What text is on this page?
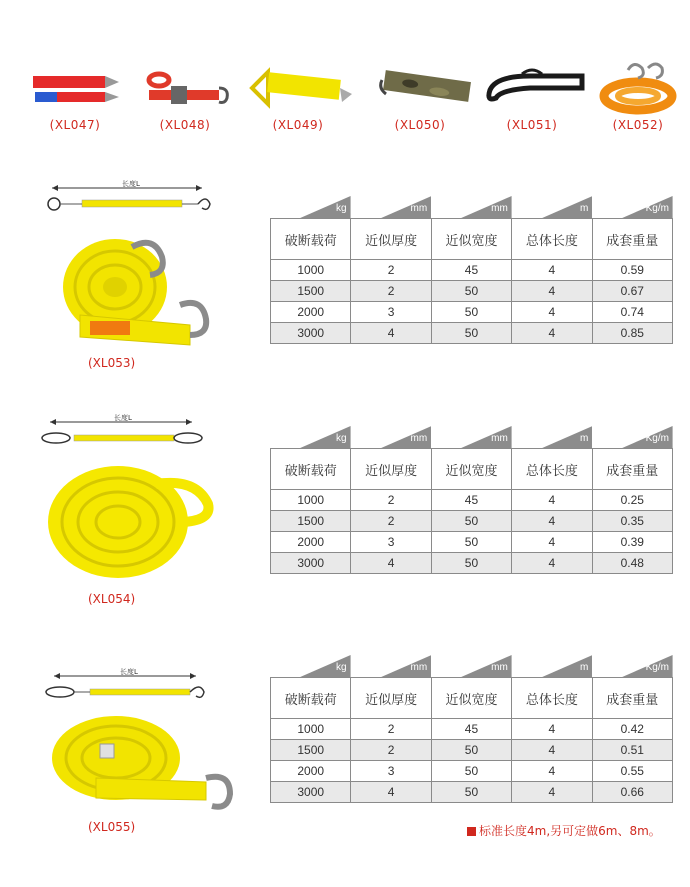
(XL047)	(XL048)	(XL049)	(XL050)	(XL051)	(XL052)
长度L
(XL053)
kg	mm	mm	m	Kg/m
破断载荷	近似厚度	近似宽度	总体长度	成套重量
1000	2	45	4	0.59
1500	2	50	4	0.67
2000	3	50	4	0.74
3000	4	50	4	0.85
长度L
(XL054)
kg	mm	mm	m	Kg/m
破断载荷	近似厚度	近似宽度	总体长度	成套重量
1000	2	45	4	0.25
1500	2	50	4	0.35
2000	3	50	4	0.39
3000	4	50	4	0.48
长度L
(XL055)
kg	mm	mm	m	Kg/m
破断载荷	近似厚度	近似宽度	总体长度	成套重量
1000	2	45	4	0.42
1500	2	50	4	0.51
2000	3	50	4	0.55
3000	4	50	4	0.66
标准长度4m,另可定做6m、8m。
